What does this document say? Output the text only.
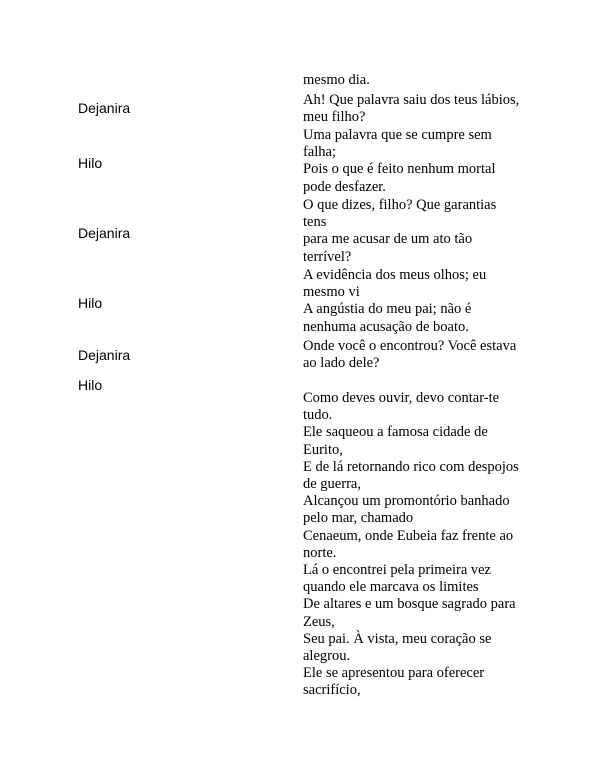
Dejanira
Hilo
Dejanira
Hilo
Dejanira
Hilo
mesmo dia.
Ah! Que palavra saiu dos teus lábios,
meu filho?
Uma palavra que se cumpre sem
falha;
Pois o que é feito nenhum mortal
pode desfazer.
O que dizes, filho? Que garantias
tens
para me acusar de um ato tão
terrível?
A evidência dos meus olhos; eu
mesmo vi
A angústia do meu pai; não é
nenhuma acusação de boato.
Onde você o encontrou? Você estava
ao lado dele?
Como deves ouvir, devo contar-te
tudo.
Ele saqueou a famosa cidade de
Eurito,
E de lá retornando rico com despojos
de guerra,
Alcançou um promontório banhado
pelo mar, chamado
Cenaeum, onde Eubeia faz frente ao
norte.
Lá o encontrei pela primeira vez
quando ele marcava os limites
De altares e um bosque sagrado para
Zeus,
Seu pai. À vista, meu coração se
alegrou.
Ele se apresentou para oferecer
sacrifício,
